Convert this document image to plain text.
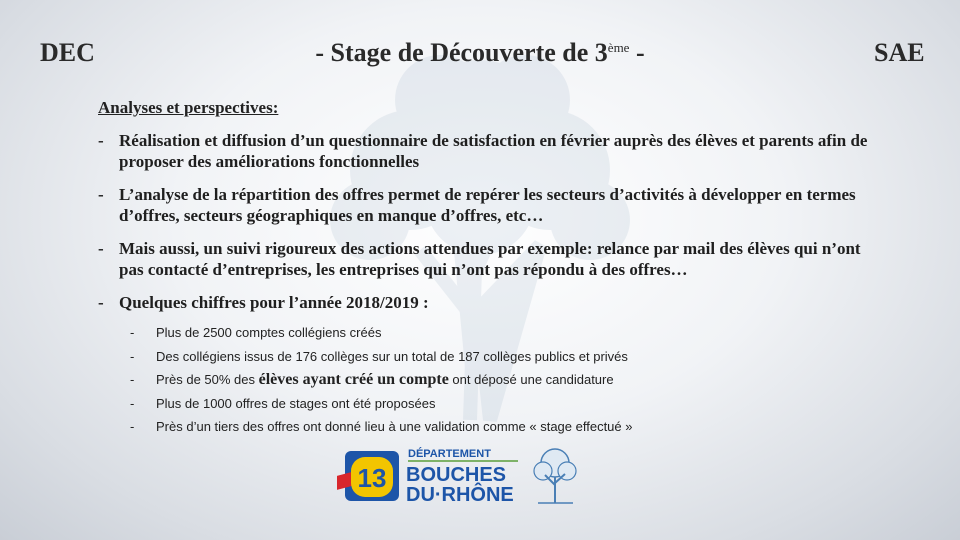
DEC	- Stage de Découverte de 3ème -	SAE
Analyses et perspectives:
- Réalisation et diffusion d’un questionnaire de satisfaction en février auprès des élèves et parents afin de proposer des améliorations fonctionnelles
- L’analyse de la répartition des offres permet de repérer les secteurs d’activités à développer en termes d’offres, secteurs géographiques en manque d’offres, etc…
- Mais aussi, un suivi rigoureux des actions attendues par exemple: relance par mail des élèves qui n’ont pas contacté d’entreprises, les entreprises qui n’ont pas répondu à des offres…
- Quelques chiffres pour l’année 2018/2019 :
-	Plus de 2500 comptes collégiens créés
-	Des collégiens issus de 176 collèges sur un total de 187 collèges publics et privés
-	Près de 50% des élèves ayant créé un compte ont déposé une candidature
-	Plus de 1000 offres de stages ont été proposées
-	Près d’un tiers des offres ont donné lieu à une validation comme « stage effectué »
13
DÉPARTEMENT
BOUCHES
DU·RHÔNE
